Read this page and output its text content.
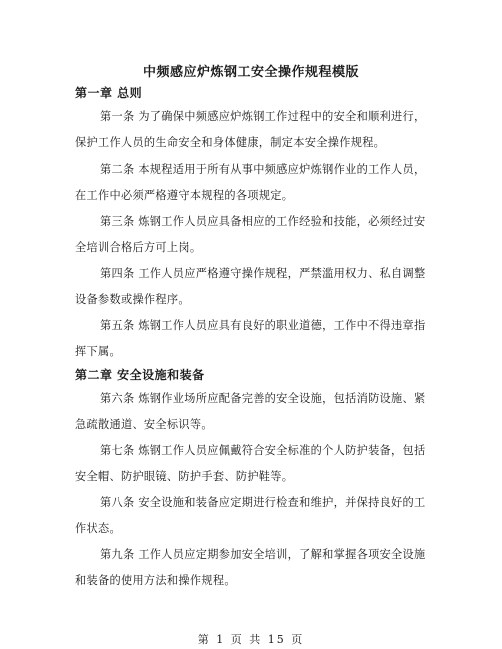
中频感应炉炼钢工安全操作规程模版
第一章 总则
第一条 为了确保中频感应炉炼钢工作过程中的安全和顺利进行，
保护工作人员的生命安全和身体健康，制定本安全操作规程。
第二条 本规程适用于所有从事中频感应炉炼钢作业的工作人员，
在工作中必须严格遵守本规程的各项规定。
第三条 炼钢工作人员应具备相应的工作经验和技能，必须经过安
全培训合格后方可上岗。
第四条 工作人员应严格遵守操作规程，严禁滥用权力、私自调整
设备参数或操作程序。
第五条 炼钢工作人员应具有良好的职业道德，工作中不得违章指
挥下属。
第二章 安全设施和装备
第六条 炼钢作业场所应配备完善的安全设施，包括消防设施、紧
急疏散通道、安全标识等。
第七条 炼钢工作人员应佩戴符合安全标准的个人防护装备，包括
安全帽、防护眼镜、防护手套、防护鞋等。
第八条 安全设施和装备应定期进行检查和维护，并保持良好的工
作状态。
第九条 工作人员应定期参加安全培训，了解和掌握各项安全设施
和装备的使用方法和操作规程。
第 1 页 共 15 页
